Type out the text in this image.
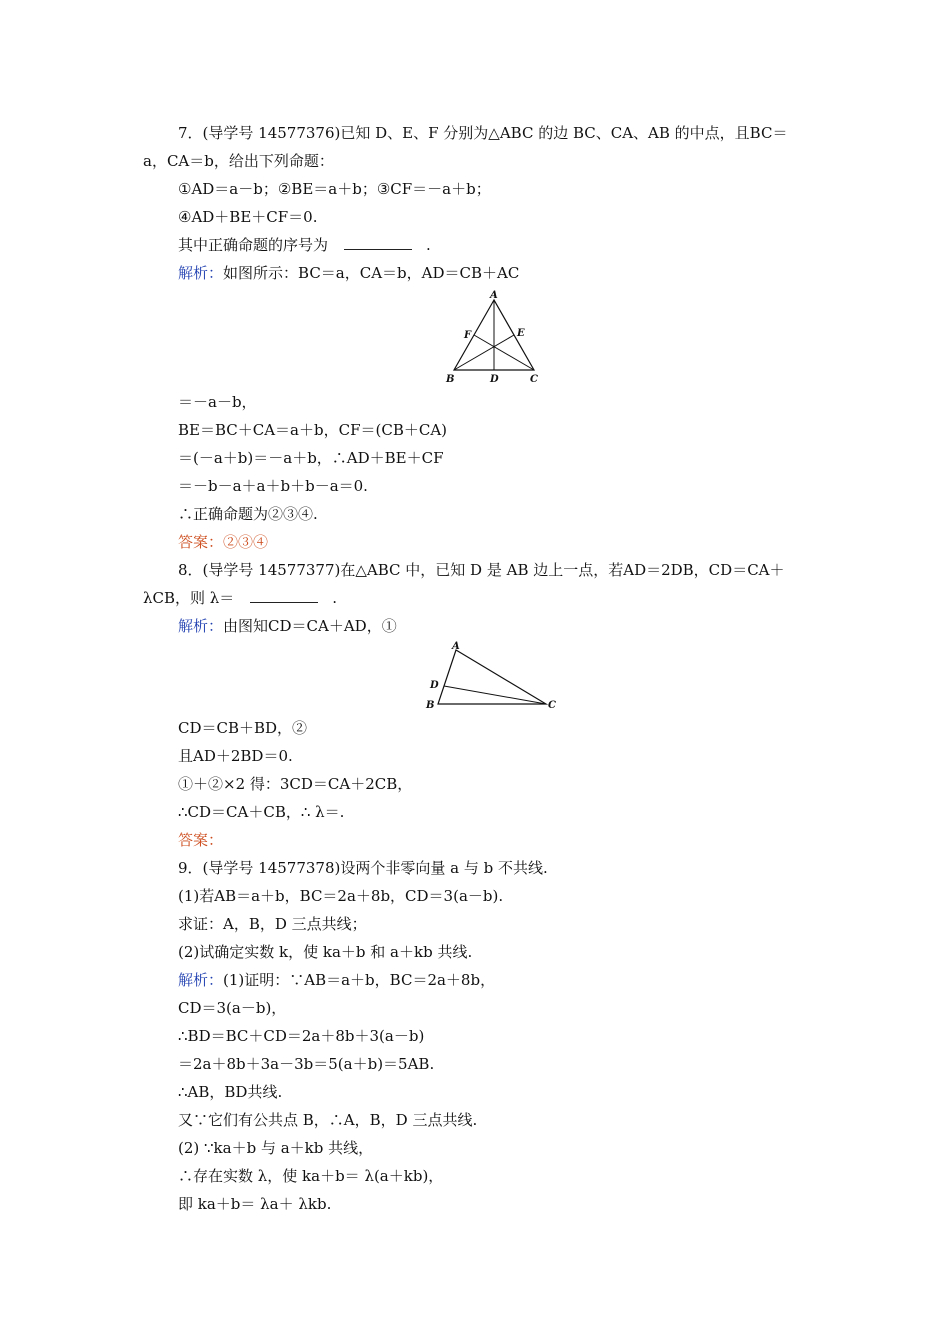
7．(导学号 14577376)已知 D、E、F 分别为△ABC 的边 BC、CA、AB 的中点，且BC＝
a，CA＝b，给出下列命题：
①AD＝a－b；②BE＝a＋b；③CF＝－a＋b；
④AD＋BE＋CF＝0.
其中正确命题的序号为	.
解析：如图所示：BC＝a，CA＝b，AD＝CB＋AC
A
B	C
D
E
F
＝－a－b，
BE＝BC＋CA＝a＋b，CF＝(CB＋CA)
＝(－a＋b)＝－a＋b，∴AD＋BE＋CF
＝－b－a＋a＋b＋b－a＝0.
∴正确命题为②③④.
答案：②③④
8．(导学号 14577377)在△ABC 中，已知 D 是 AB 边上一点，若AD＝2DB，CD＝CA＋
λCB，则 λ＝	.
解析：由图知CD＝CA＋AD，①
A
B	C
D
CD＝CB＋BD，②
且AD＋2BD＝0.
①＋②×2 得：3CD＝CA＋2CB，
∴CD＝CA＋CB，∴ λ＝.
答案：
9．(导学号 14577378)设两个非零向量 a 与 b 不共线.
(1)若AB＝a＋b，BC＝2a＋8b，CD＝3(a－b).
求证：A，B，D 三点共线；
(2)试确定实数 k，使 ka＋b 和 a＋kb 共线.
解析：(1)证明：∵AB＝a＋b，BC＝2a＋8b，
CD＝3(a－b)，
∴BD＝BC＋CD＝2a＋8b＋3(a－b)
＝2a＋8b＋3a－3b＝5(a＋b)＝5AB.
∴AB，BD共线.
又∵它们有公共点 B，∴A，B，D 三点共线.
(2) ∵ka＋b 与 a＋kb 共线，
∴存在实数 λ，使 ka＋b＝ λ(a＋kb)，
即 ka＋b＝ λa＋ λkb.
